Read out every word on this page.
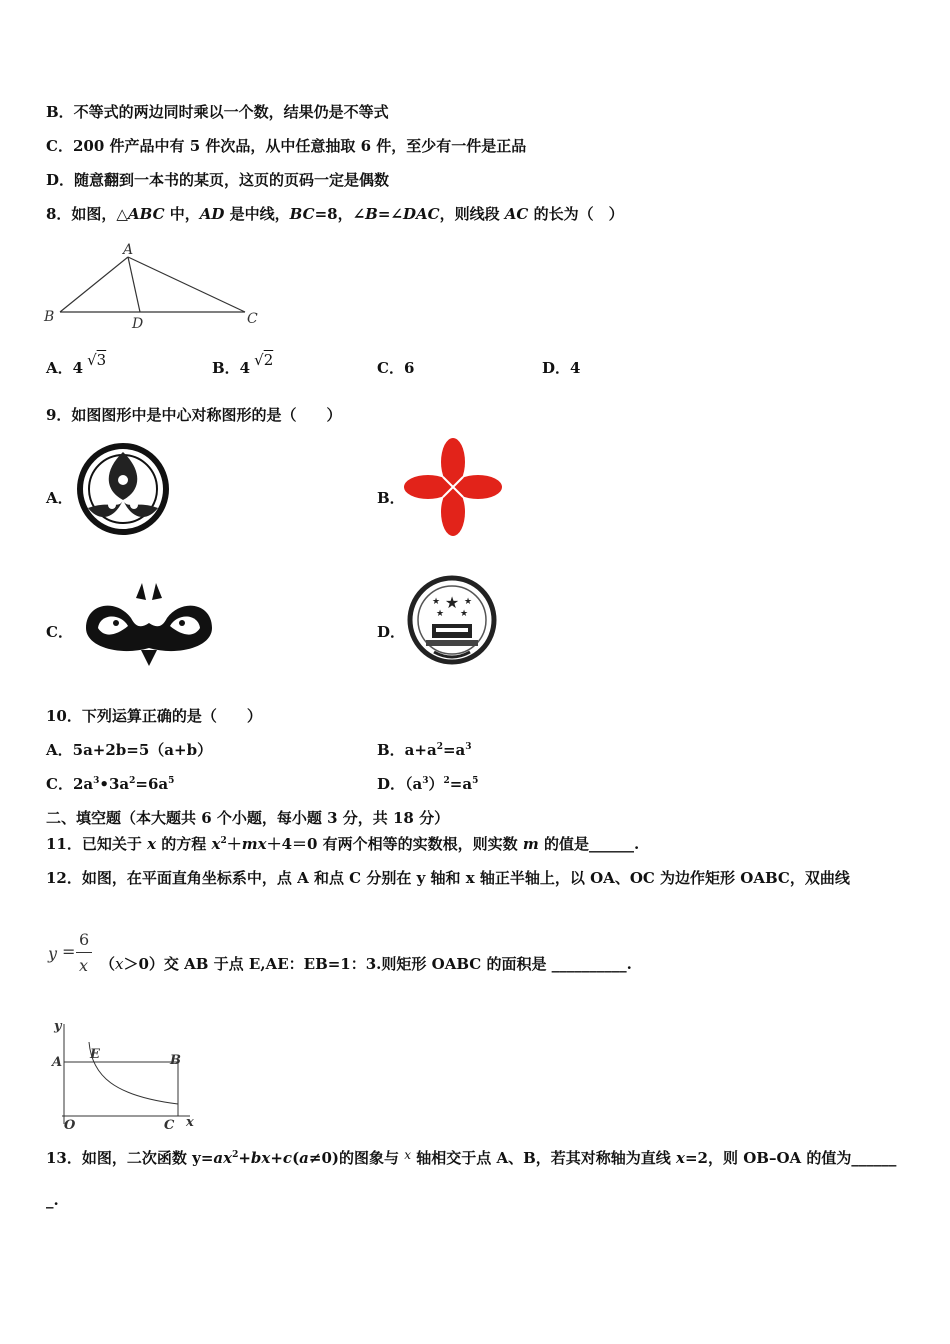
B．不等式的两边同时乘以一个数，结果仍是不等式
C．200 件产品中有 5 件次品，从中任意抽取 6 件，至少有一件是正品
D．随意翻到一本书的某页，这页的页码一定是偶数
8．如图，△ABC 中，AD 是中线，BC=8，∠B=∠DAC，则线段 AC 的长为（　）
A
B	C
D
A．4 √3	B．4 √2	C．6	D．4
9．如图图形中是中心对称图形的是（　　）
A．	B．
C．	D．
★
★	★
★ ★
10．下列运算正确的是（　　）
A．5a+2b=5（a+b）	B．$a+a^2=a^3$
C．$2a^3•3a^2=6a^5$	D．$(a^3)^2=a^5$
二、填空题（本大题共 6 个小题，每小题 3 分，共 18 分）
11．已知关于 x 的方程 $x^2+mx+4=0$ 有两个相等的实数根，则实数 m 的值是______.
12．如图，在平面直角坐标系中，点 A 和点 C 分别在 y 轴和 x 轴正半轴上，以 OA、OC 为边作矩形 OABC，双曲线
y =
6
x （x＞0）交 AB 于点 E,AE：EB=1：3.则矩形 OABC 的面积是 __________.
y
A
E	B
O	C x
13．如图，二次函数 $y=ax^2+bx+c(a\ne 0)$的图象与 $^x$ 轴相交于点 A、B，若其对称轴为直线 x=2，则 OB–OA 的值为______
_.
